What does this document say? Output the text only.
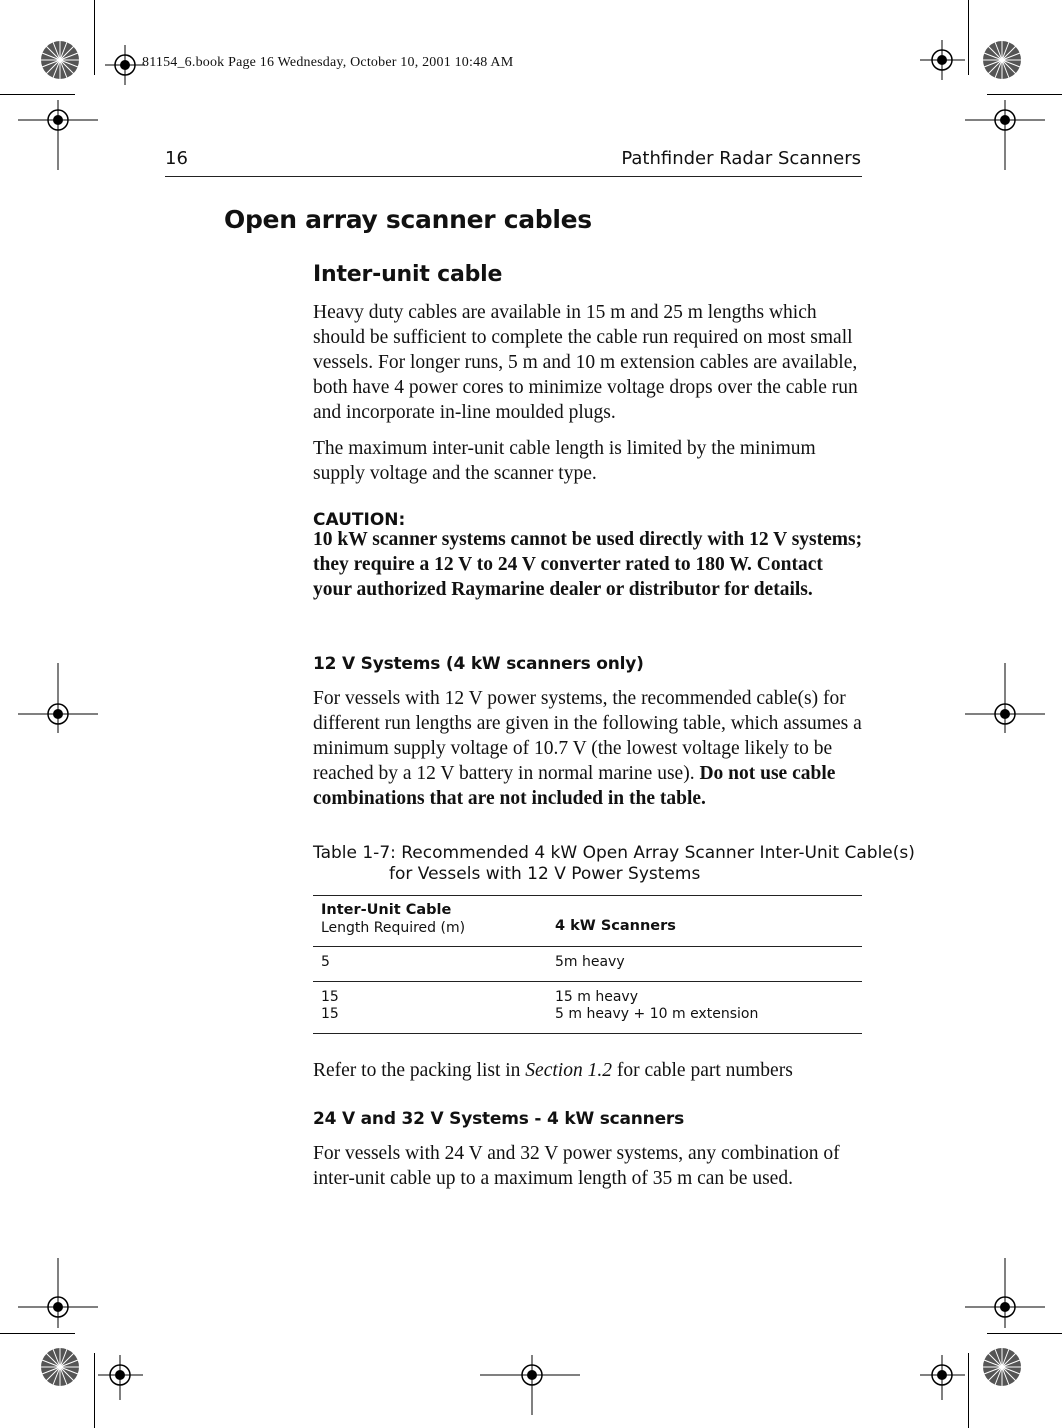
81154_6.book Page 16 Wednesday, October 10, 2001 10:48 AM
16	Pathfinder Radar Scanners
Open array scanner cables
Inter-unit cable
Heavy duty cables are available in 15 m and 25 m lengths which should be sufficient to complete the cable run required on most small vessels. For longer runs, 5 m and 10 m extension cables are available, both have 4 power cores to minimize voltage drops over the cable run and incorporate in-line moulded plugs.
The maximum inter-unit cable length is limited by the minimum supply voltage and the scanner type.
CAUTION:
10 kW scanner systems cannot be used directly with 12 V systems; they require a 12 V to 24 V converter rated to 180 W. Contact your authorized Raymarine dealer or distributor for details.
12 V Systems (4 kW scanners only)
For vessels with 12 V power systems, the recommended cable(s) for different run lengths are given in the following table, which assumes a minimum supply voltage of 10.7 V (the lowest voltage likely to be reached by a 12 V battery in normal marine use). Do not use cable combinations that are not included in the table.
Table 1-7: Recommended 4 kW Open Array Scanner Inter-Unit Cable(s)
for Vessels with 12 V Power Systems
Inter-Unit Cable
Length Required (m)	4 kW Scanners
5	5m heavy
15	15 m heavy
15	5 m heavy + 10 m extension
Refer to the packing list in Section 1.2 for cable part numbers
24 V and 32 V Systems - 4 kW scanners
For vessels with 24 V and 32 V power systems, any combination of inter-unit cable up to a maximum length of 35 m can be used.
